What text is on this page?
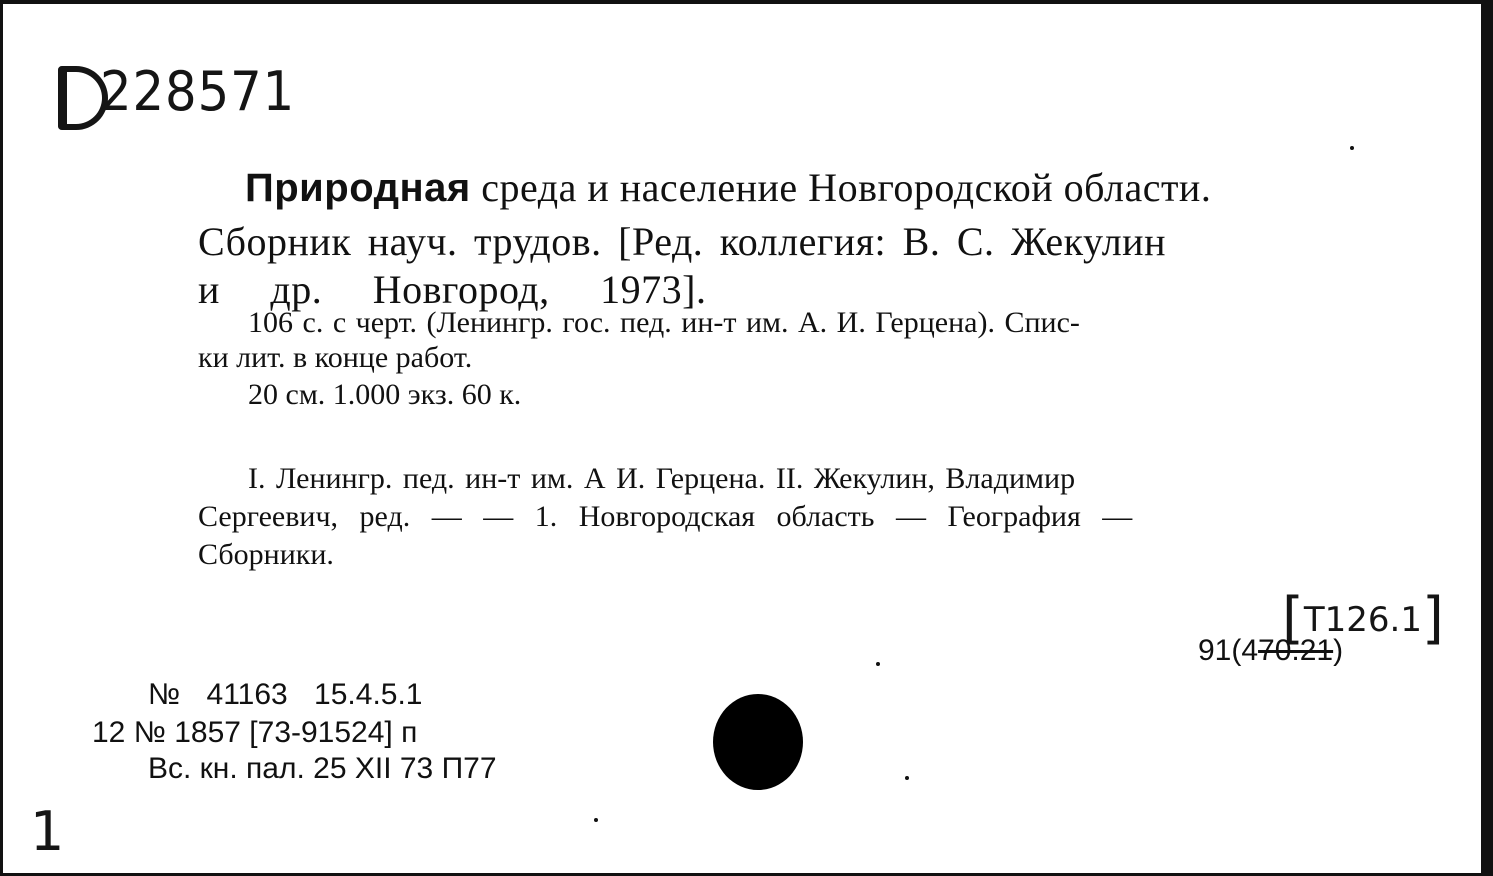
228571
Природная среда и население Новгородской области.
Сборник науч. трудов. [Ред. коллегия: В. С. Жекулин
и др. Новгород, 1973].
106 с. с черт. (Ленингр. гос. пед. ин-т им. А. И. Герцена). Спис-
ки лит. в конце работ.
20 см. 1.000 экз. 60 к.
I. Ленингр. пед. ин-т им. А И. Герцена. II. Жекулин, Владимир
Сергеевич, ред. — — 1. Новгородская область — География —
Сборники.
[T126.1]
91(470.21)
№ 41163 15.4.5.1
12 № 1857 [73-91524] п
Вс. кн. пал. 25 XII 73 П77
1
